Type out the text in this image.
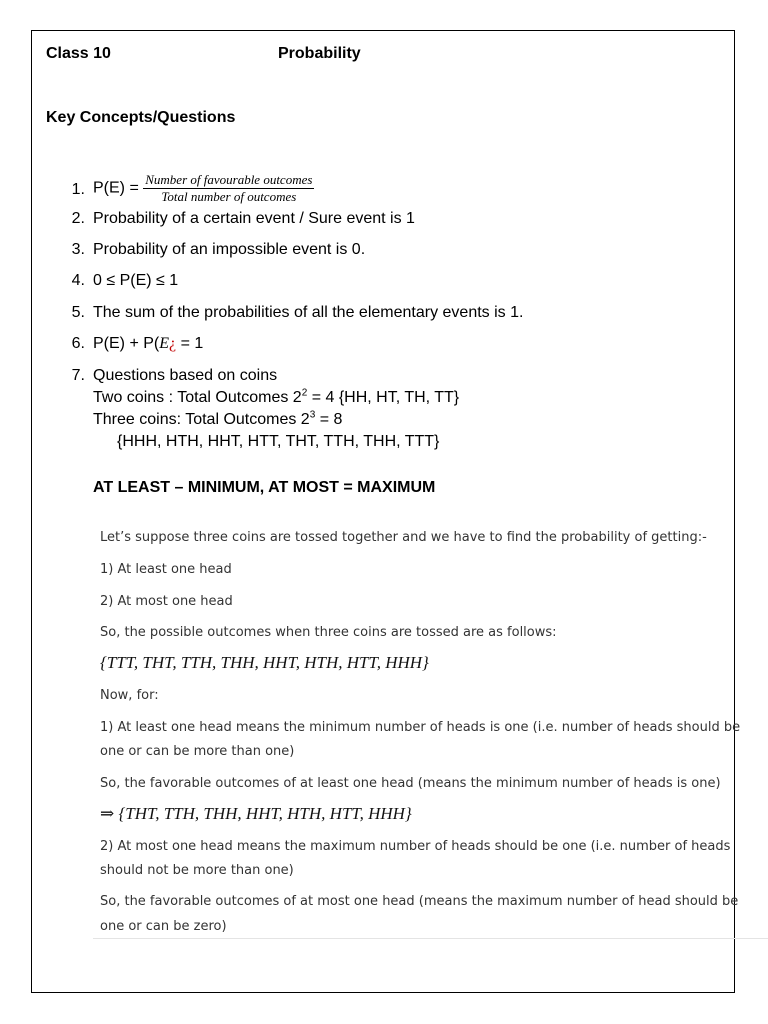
Class 10	Probability
Key Concepts/Questions
1. $P(E) = \frac{\text{Number of favourable outcomes}}{\text{Total number of outcomes}}$
2. Probability of a certain event / Sure event is 1
3. Probability of an impossible event is 0.
4. 0 ≤ P(E) ≤ 1
5. The sum of the probabilities of all the elementary events is 1.
6. P(E) + P(E¿ = 1
7. Questions based on coins
Two coins : Total Outcomes $2^2 = 4$ {HH, HT, TH, TT}
Three coins: Total Outcomes $2^3 = 8$
{HHH, HTH, HHT, HTT, THT, TTH, THH, TTT}
AT LEAST – MINIMUM, AT MOST = MAXIMUM
Let’s suppose three coins are tossed together and we have to find the probability of getting:-
1) At least one head
2) At most one head
So, the possible outcomes when three coins are tossed are as follows:
{TTT, THT, TTH, THH, HHT, HTH, HTT, HHH}
Now, for:
1) At least one head means the minimum number of heads is one (i.e. number of heads should be
one or can be more than one)
So, the favorable outcomes of at least one head (means the minimum number of heads is one)
⇒ {THT, TTH, THH, HHT, HTH, HTT, HHH}
2) At most one head means the maximum number of heads should be one (i.e. number of heads
should not be more than one)
So, the favorable outcomes of at most one head (means the maximum number of head should be
one or can be zero)
